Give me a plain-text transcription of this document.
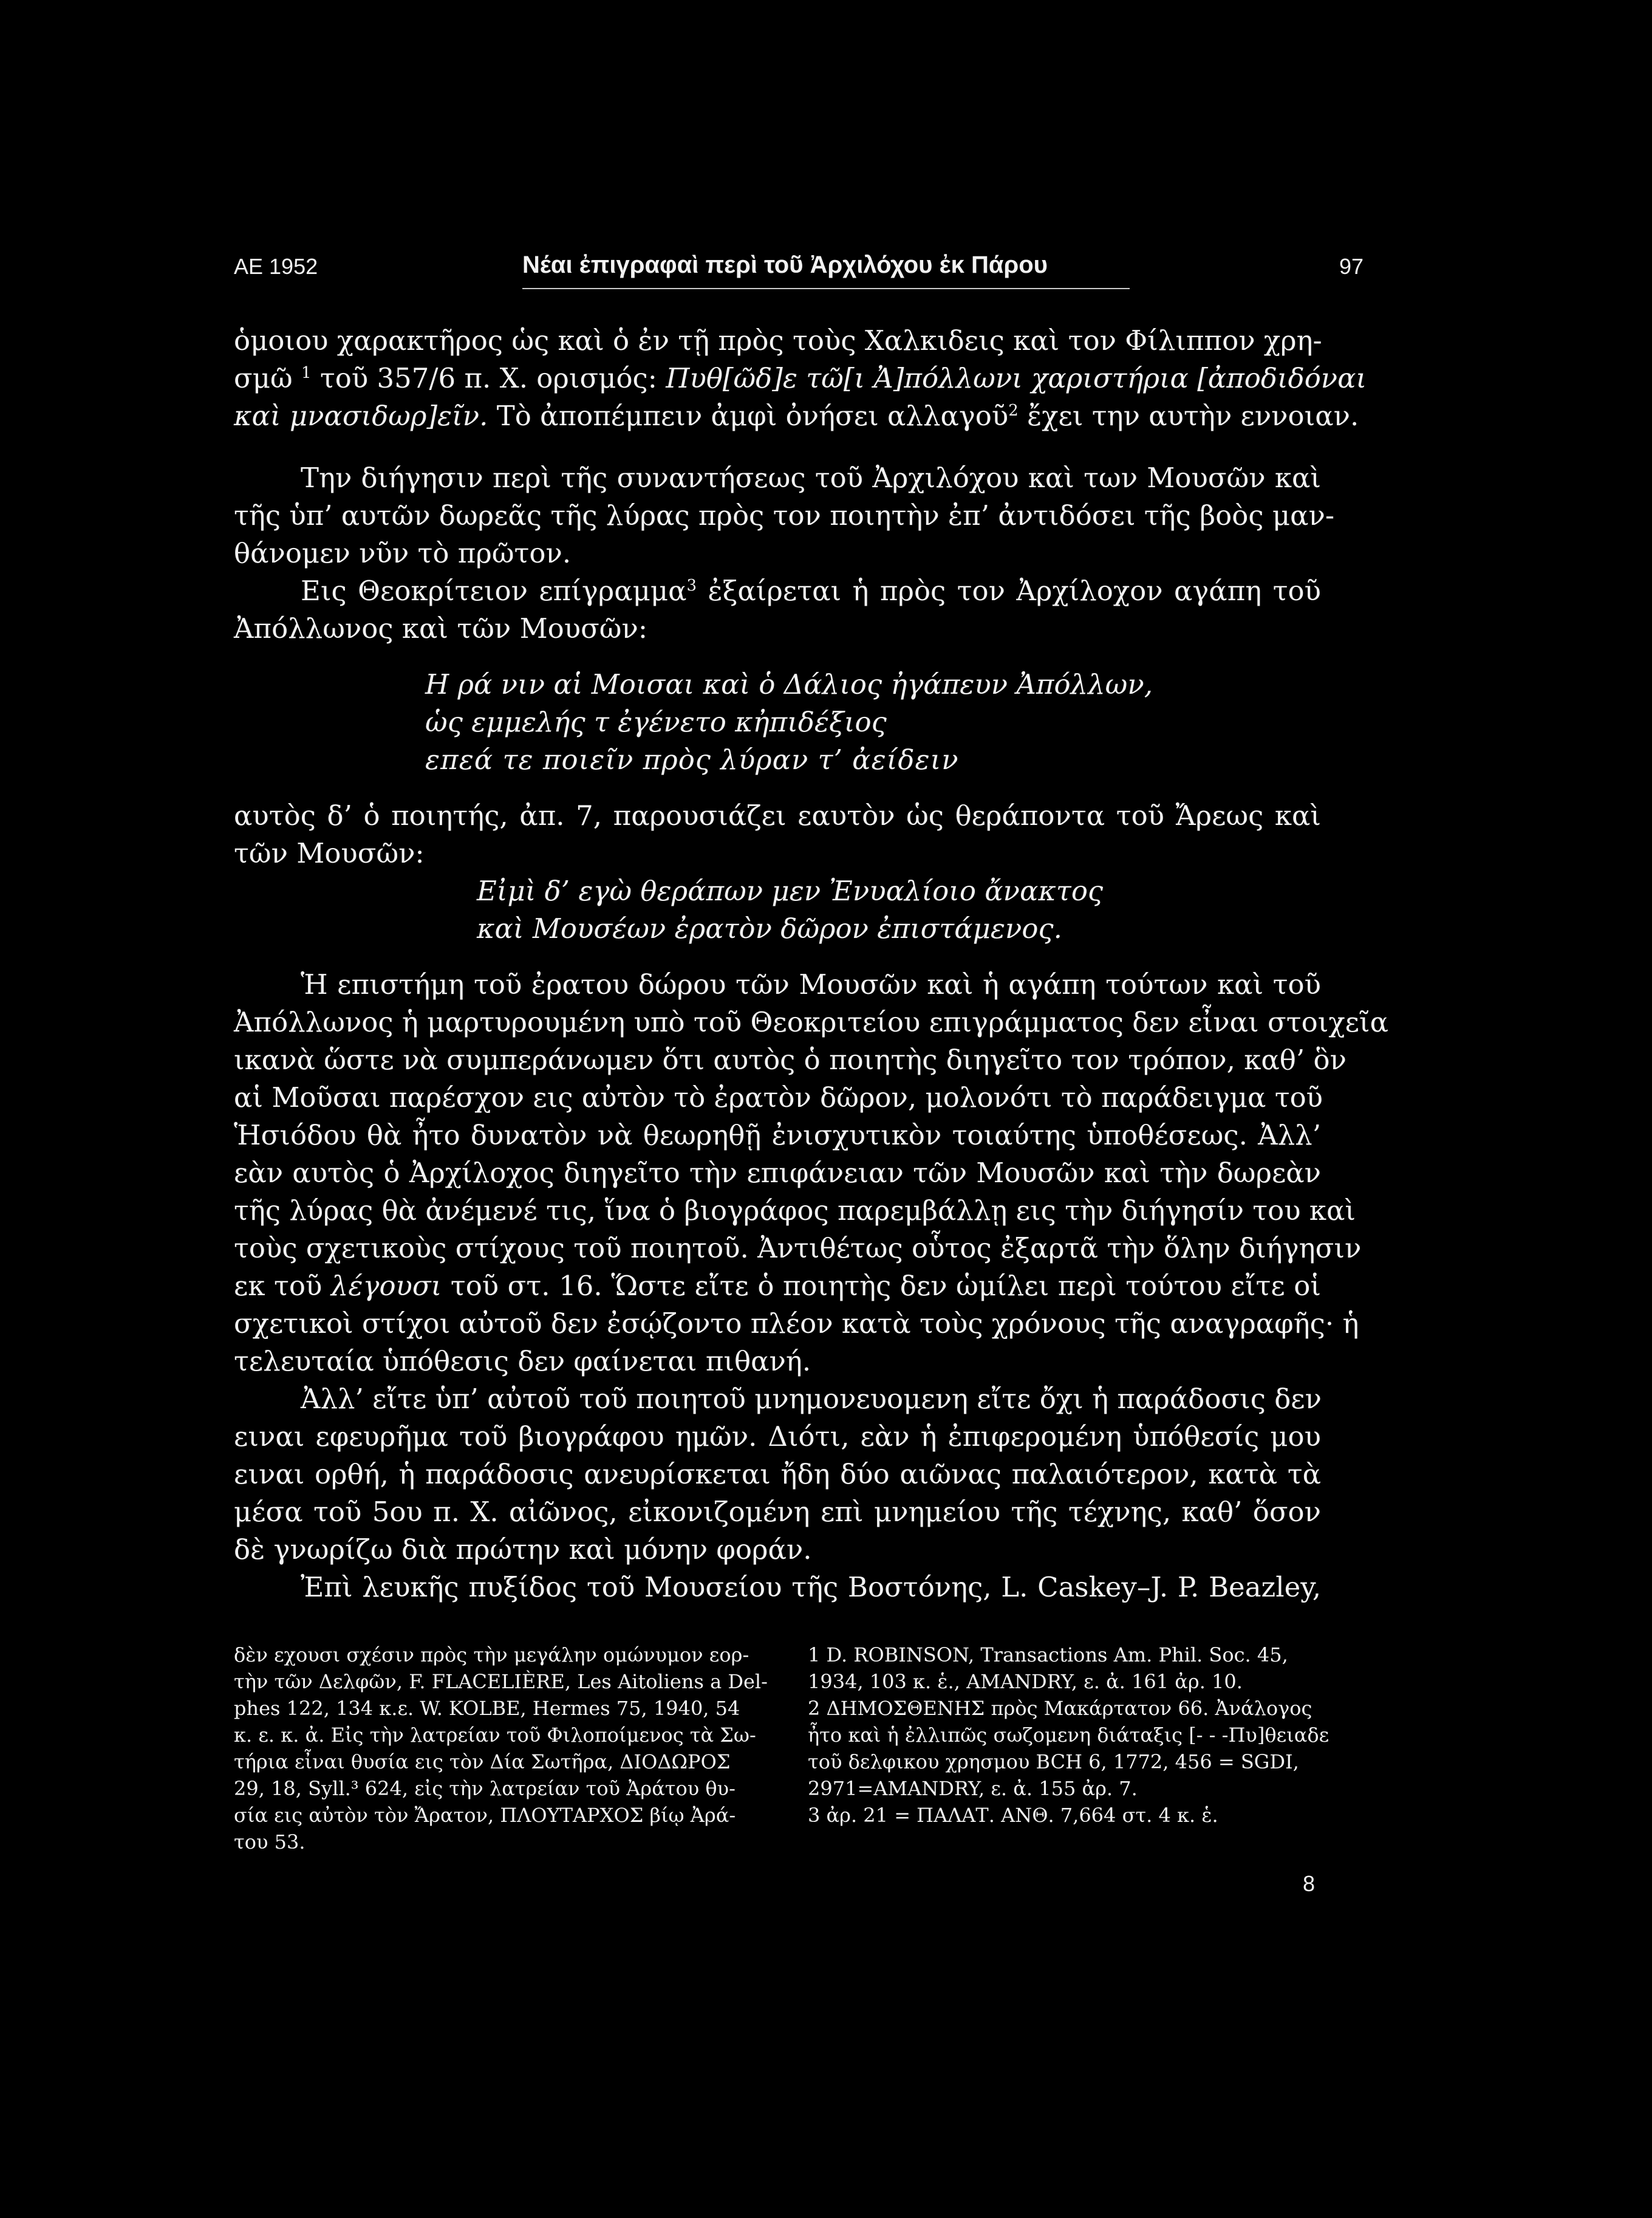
ΑΕ 1952	Νέαι ἐπιγραφαὶ περὶ τοῦ Ἀρχιλόχου ἐκ Πάρου	97
ὁμοιου χαρακτῆρος ὡς καὶ ὁ ἐν τῇ πρὸς τοὺς Χαλκιδεις καὶ τον Φίλιππον χρη-
σμῶ $^1$ τοῦ 357/6 π. Χ. ορισμός: Πυθ[ῶδ]ε τῶ[ι Ἀ]πόλλωνι χαριστήρια [ἀποδιδόναι
καὶ μνασιδωρ]εῖν. Τὸ ἀποπέμπειν ἀμφὶ ὀνήσει αλλαγοῦ$^2$ ἔχει την αυτὴν εννοιαν.
Την διήγησιν περὶ τῆς συναντήσεως τοῦ Ἀρχιλόχου καὶ των Μουσῶν καὶ
τῆς ὑπ’ αυτῶν δωρεᾶς τῆς λύρας πρὸς τον ποιητὴν ἐπ’ ἀντιδόσει τῆς βοὸς μαν-
θάνομεν νῦν τὸ πρῶτον.
Εις Θεοκρίτειον επίγραμμα$^3$ ἐξαίρεται ἡ πρὸς τον Ἀρχίλοχον αγάπη τοῦ
Ἀπόλλωνος καὶ τῶν Μουσῶν:
Η ρά νιν αἱ Μοισαι καὶ ὁ Δάλιος ἠγάπευν Ἀπόλλων,
ὡς εμμελής τ ἐγένετο κἠπιδέξιος
επεά τε ποιεῖν πρὸς λύραν τ’ ἀείδειν
αυτὸς δ’ ὁ ποιητής, ἀπ. 7, παρουσιάζει εαυτὸν ὡς θεράποντα τοῦ Ἄρεως καὶ
τῶν Μουσῶν:
Εἰμὶ δ’ εγὼ θεράπων μεν Ἐνυαλίοιο ἄνακτος
καὶ Μουσέων ἐρατὸν δῶρον ἐπιστάμενος.
Ἡ επιστήμη τοῦ ἐρατου δώρου τῶν Μουσῶν καὶ ἡ αγάπη τούτων καὶ τοῦ
Ἀπόλλωνος ἡ μαρτυρουμένη υπὸ τοῦ Θεοκριτείου επιγράμματος δεν εἶναι στοιχεῖα
ικανὰ ὥστε νὰ συμπεράνωμεν ὅτι αυτὸς ὁ ποιητὴς διηγεῖτο τον τρόπον, καθ’ ὃν
αἱ Μοῦσαι παρέσχον εις αὐτὸν τὸ ἐρατὸν δῶρον, μολονότι τὸ παράδειγμα τοῦ
Ἡσιόδου θὰ ἦτο δυνατὸν νὰ θεωρηθῇ ἐνισχυτικὸν τοιαύτης ὑποθέσεως. Ἀλλ’
εὰν αυτὸς ὁ Ἀρχίλοχος διηγεῖτο τὴν επιφάνειαν τῶν Μουσῶν καὶ τὴν δωρεὰν
τῆς λύρας θὰ ἀνέμενέ τις, ἵνα ὁ βιογράφος παρεμβάλλῃ εις τὴν διήγησίν του καὶ
τοὺς σχετικοὺς στίχους τοῦ ποιητοῦ. Ἀντιθέτως οὗτος ἐξαρτᾶ τὴν ὅλην διήγησιν
εκ τοῦ λέγουσι τοῦ στ. 16. Ὥστε εἴτε ὁ ποιητὴς δεν ὡμίλει περὶ τούτου εἴτε οἱ
σχετικοὶ στίχοι αὐτοῦ δεν ἐσῴζοντο πλέον κατὰ τοὺς χρόνους τῆς αναγραφῆς· ἡ
τελευταία ὑπόθεσις δεν φαίνεται πιθανή.
Ἀλλ’ εἴτε ὑπ’ αὐτοῦ τοῦ ποιητοῦ μνημονευομενη εἴτε ὄχι ἡ παράδοσις δεν
ειναι εφευρῆμα τοῦ βιογράφου ημῶν. Διότι, εὰν ἡ ἐπιφερομένη ὑπόθεσίς μου
ειναι ορθή, ἡ παράδοσις ανευρίσκεται ἤδη δύο αιῶνας παλαιότερον, κατὰ τὰ
μέσα τοῦ 5ου π. Χ. αἰῶνος, εἰκονιζομένη επὶ μνημείου τῆς τέχνης, καθ’ ὅσον
δὲ γνωρίζω διὰ πρώτην καὶ μόνην φοράν.
Ἐπὶ λευκῆς πυξίδος τοῦ Μουσείου τῆς Βοστόνης, L. Caskey–J. P. Beazley,
δὲν εχουσι σχέσιν πρὸς τὴν μεγάλην ομώνυμον εορ-
τὴν τῶν Δελφῶν, F. FLACELIÈRE, Les Aitoliens a Del-
phes 122, 134 κ.ε. W. KOLBE, Hermes 75, 1940, 54
κ. ε. κ. ἀ. Εἰς τὴν λατρείαν τοῦ Φιλοποίμενος τὰ Σω-
τήρια εἶναι θυσία εις τὸν Δία Σωτῆρα, ΔΙΟΔΩΡΟΣ
29, 18, Syll.³ 624, εἰς τὴν λατρείαν τοῦ Ἀράτου θυ-
σία εις αὐτὸν τὸν Ἄρατον, ΠΛΟΥΤΑΡΧΟΣ βίῳ Ἀρά-
του 53.
1 D. ROBINSON, Transactions Am. Phil. Soc. 45,
1934, 103 κ. ἑ., AMANDRY, ε. ἀ. 161 ἀρ. 10.
2 ΔΗΜΟΣΘΕΝΗΣ πρὸς Μακάρτατον 66. Ἀνάλογος
ἦτο καὶ ἡ ἐλλιπῶς σωζομενη διάταξις [- - -Πυ]θειαδε
τοῦ δελφικου χρησμου BCH 6, 1772, 456 = SGDI,
2971=AMANDRY, ε. ἀ. 155 ἀρ. 7.
3 ἀρ. 21 = ΠΑΛΑΤ. ΑΝΘ. 7,664 στ. 4 κ. ἑ.
8
